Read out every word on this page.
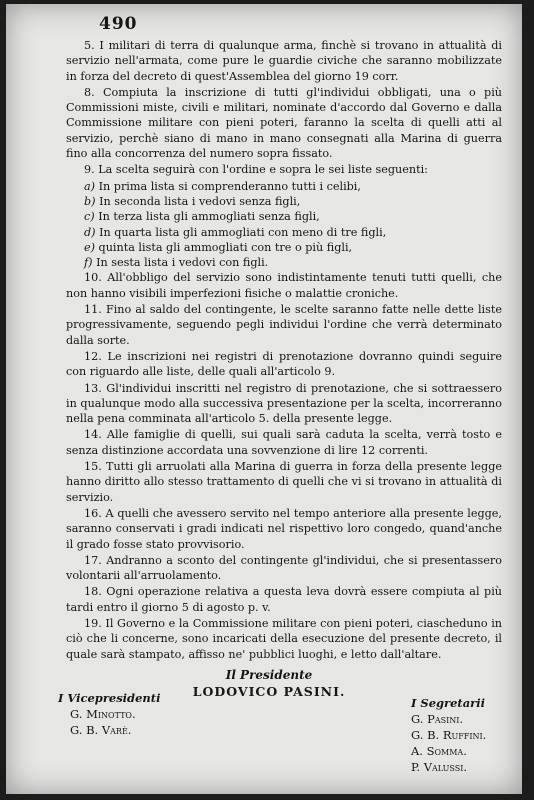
490

5. I militari di terra di qualunque arma, finchè si trovano in attualità di servizio nell'armata, come pure le guardie civiche che saranno mobilizzate in forza del decreto di quest'Assemblea del giorno 19 corr.

8. Compiuta la inscrizione di tutti gl'individui obbligati, una o più Commissioni miste, civili e militari, nominate d'accordo dal Governo e dalla Commissione militare con pieni poteri, faranno la scelta di quelli atti al servizio, perchè siano di mano in mano consegnati alla Marina di guerra fino alla concorrenza del numero sopra fissato.

9. La scelta seguirà con l'ordine e sopra le sei liste seguenti:

a) In prima lista si comprenderanno tutti i celibi,
b) In seconda lista i vedovi senza figli,
c) In terza lista gli ammogliati senza figli,
d) In quarta lista gli ammogliati con meno di tre figli,
e) quinta lista gli ammogliati con tre o più figli,
f) In sesta lista i vedovi con figli.

10. All'obbligo del servizio sono indistintamente tenuti tutti quelli, che non hanno visibili imperfezioni fisiche o malattie croniche.

11. Fino al saldo del contingente, le scelte saranno fatte nelle dette liste progressivamente, seguendo pegli individui l'ordine che verrà determinato dalla sorte.

12. Le inscrizioni nei registri di prenotazione dovranno quindi seguire con riguardo alle liste, delle quali all'articolo 9.

13. Gl'individui inscritti nel registro di prenotazione, che si sottraessero in qualunque modo alla successiva presentazione per la scelta, incorreranno nella pena comminata all'articolo 5. della presente legge.

14. Alle famiglie di quelli, sui quali sarà caduta la scelta, verrà tosto e senza distinzione accordata una sovvenzione di lire 12 correnti.

15. Tutti gli arruolati alla Marina di guerra in forza della presente legge hanno diritto allo stesso trattamento di quelli che vi si trovano in attualità di servizio.

16. A quelli che avessero servito nel tempo anteriore alla presente legge, saranno conservati i gradi indicati nel rispettivo loro congedo, quand'anche il grado fosse stato provvisorio.

17. Andranno a sconto del contingente gl'individui, che si presentassero volontarii all'arruolamento.

18. Ogni operazione relativa a questa leva dovrà essere compiuta al più tardi entro il giorno 5 di agosto p. v.

19. Il Governo e la Commissione militare con pieni poteri, ciascheduno in ciò che li concerne, sono incaricati della esecuzione del presente decreto, il quale sarà stampato, affisso ne' pubblici luoghi, e letto dall'altare.

Il Presidente
LODOVICO PASINI.
I Vicepresidenti
G. Minotto.
G. B. Varè.
I Segretarii
G. Pasini.
G. B. Ruffini.
A. Somma.
P. Valussi.
